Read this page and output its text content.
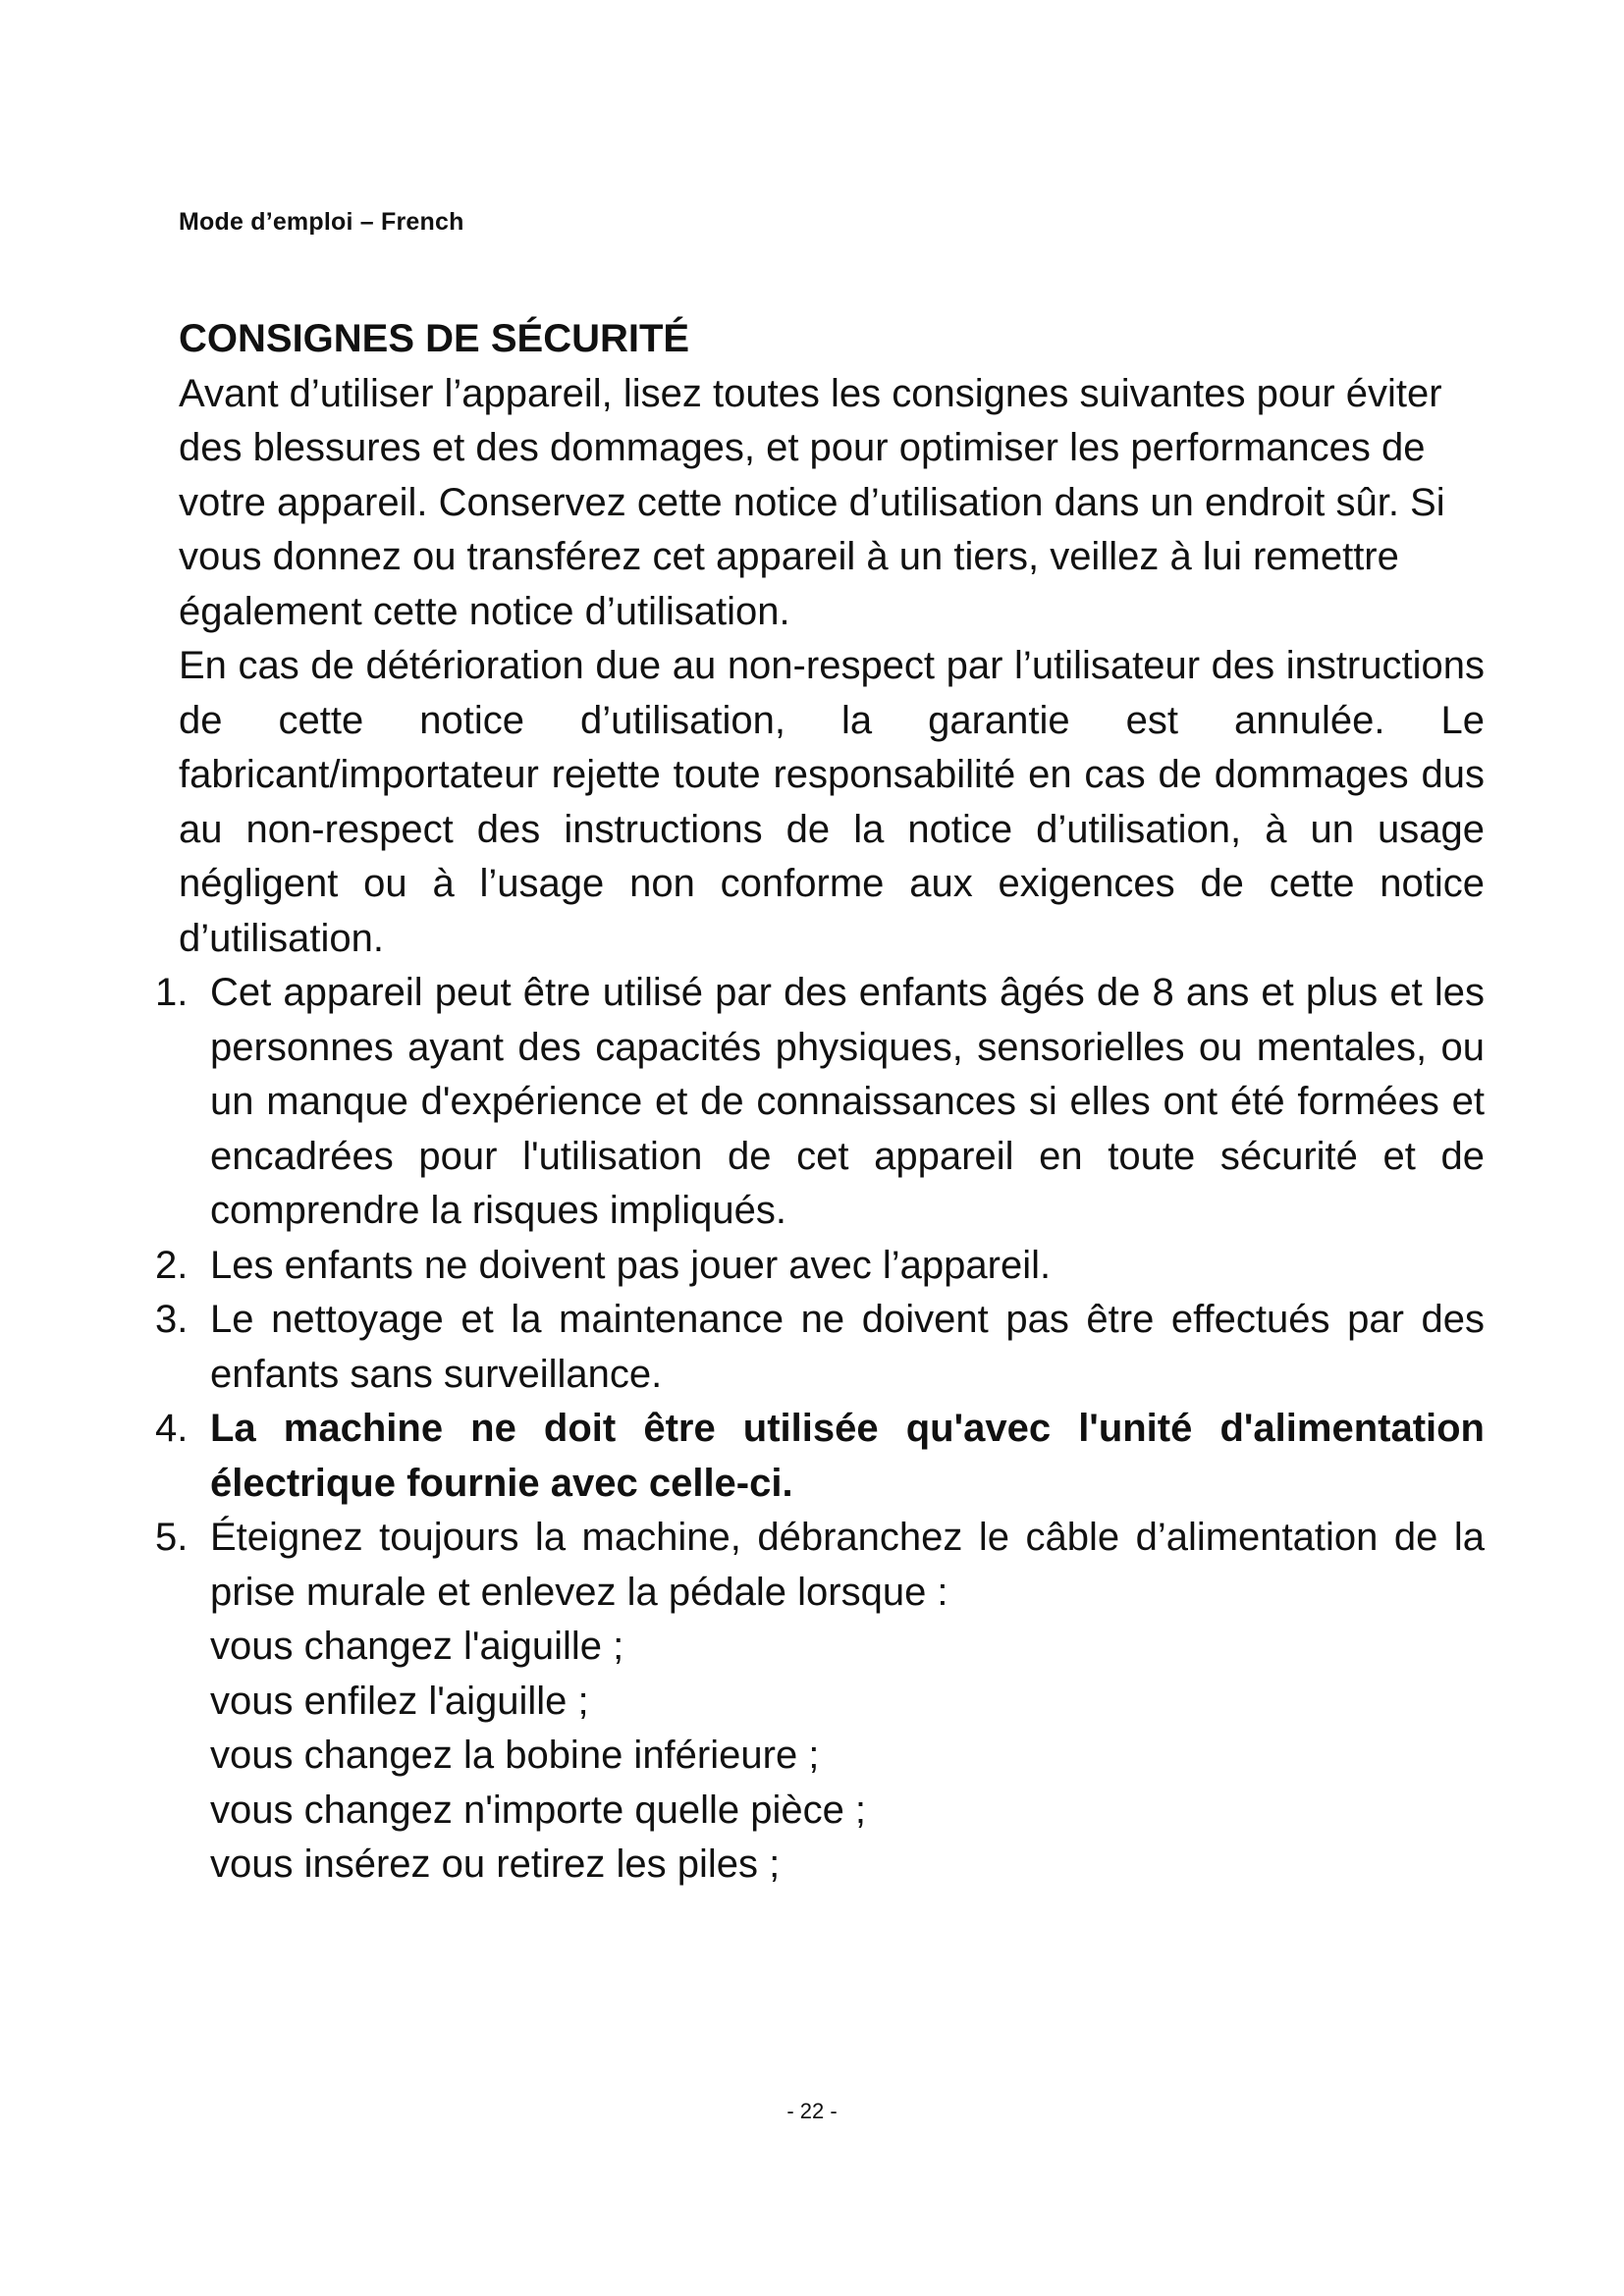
Mode d’emploi – French
CONSIGNES DE SÉCURITÉ

Avant d’utiliser l’appareil, lisez toutes les consignes suivantes pour éviter des blessures et des dommages, et pour optimiser les performances de votre appareil. Conservez cette notice d’utilisation dans un endroit sûr. Si vous donnez ou transférez cet appareil à un tiers, veillez à lui remettre également cette notice d’utilisation.

En cas de détérioration due au non-respect par l’utilisateur des instructions de cette notice d’utilisation, la garantie est annulée. Le fabricant/importateur rejette toute responsabilité en cas de dommages dus au non-respect des instructions de la notice d’utilisation, à un usage négligent ou à l’usage non conforme aux exigences de cette notice d’utilisation.

1. Cet appareil peut être utilisé par des enfants âgés de 8 ans et plus et les personnes ayant des capacités physiques, sensorielles ou mentales, ou un manque d'expérience et de connaissances si elles ont été formées et encadrées pour l'utilisation de cet appareil en toute sécurité et de comprendre la risques impliqués.
2. Les enfants ne doivent pas jouer avec l’appareil.
3. Le nettoyage et la maintenance ne doivent pas être effectués par des enfants sans surveillance.
4. La machine ne doit être utilisée qu'avec l'unité d'alimentation électrique fournie avec celle-ci.
5. Éteignez toujours la machine, débranchez le câble d’alimentation de la prise murale et enlevez la pédale lorsque :
vous changez l'aiguille ;
vous enfilez l'aiguille ;
vous changez la bobine inférieure ;
vous changez n'importe quelle pièce ;
vous insérez ou retirez les piles ;
- 22 -
